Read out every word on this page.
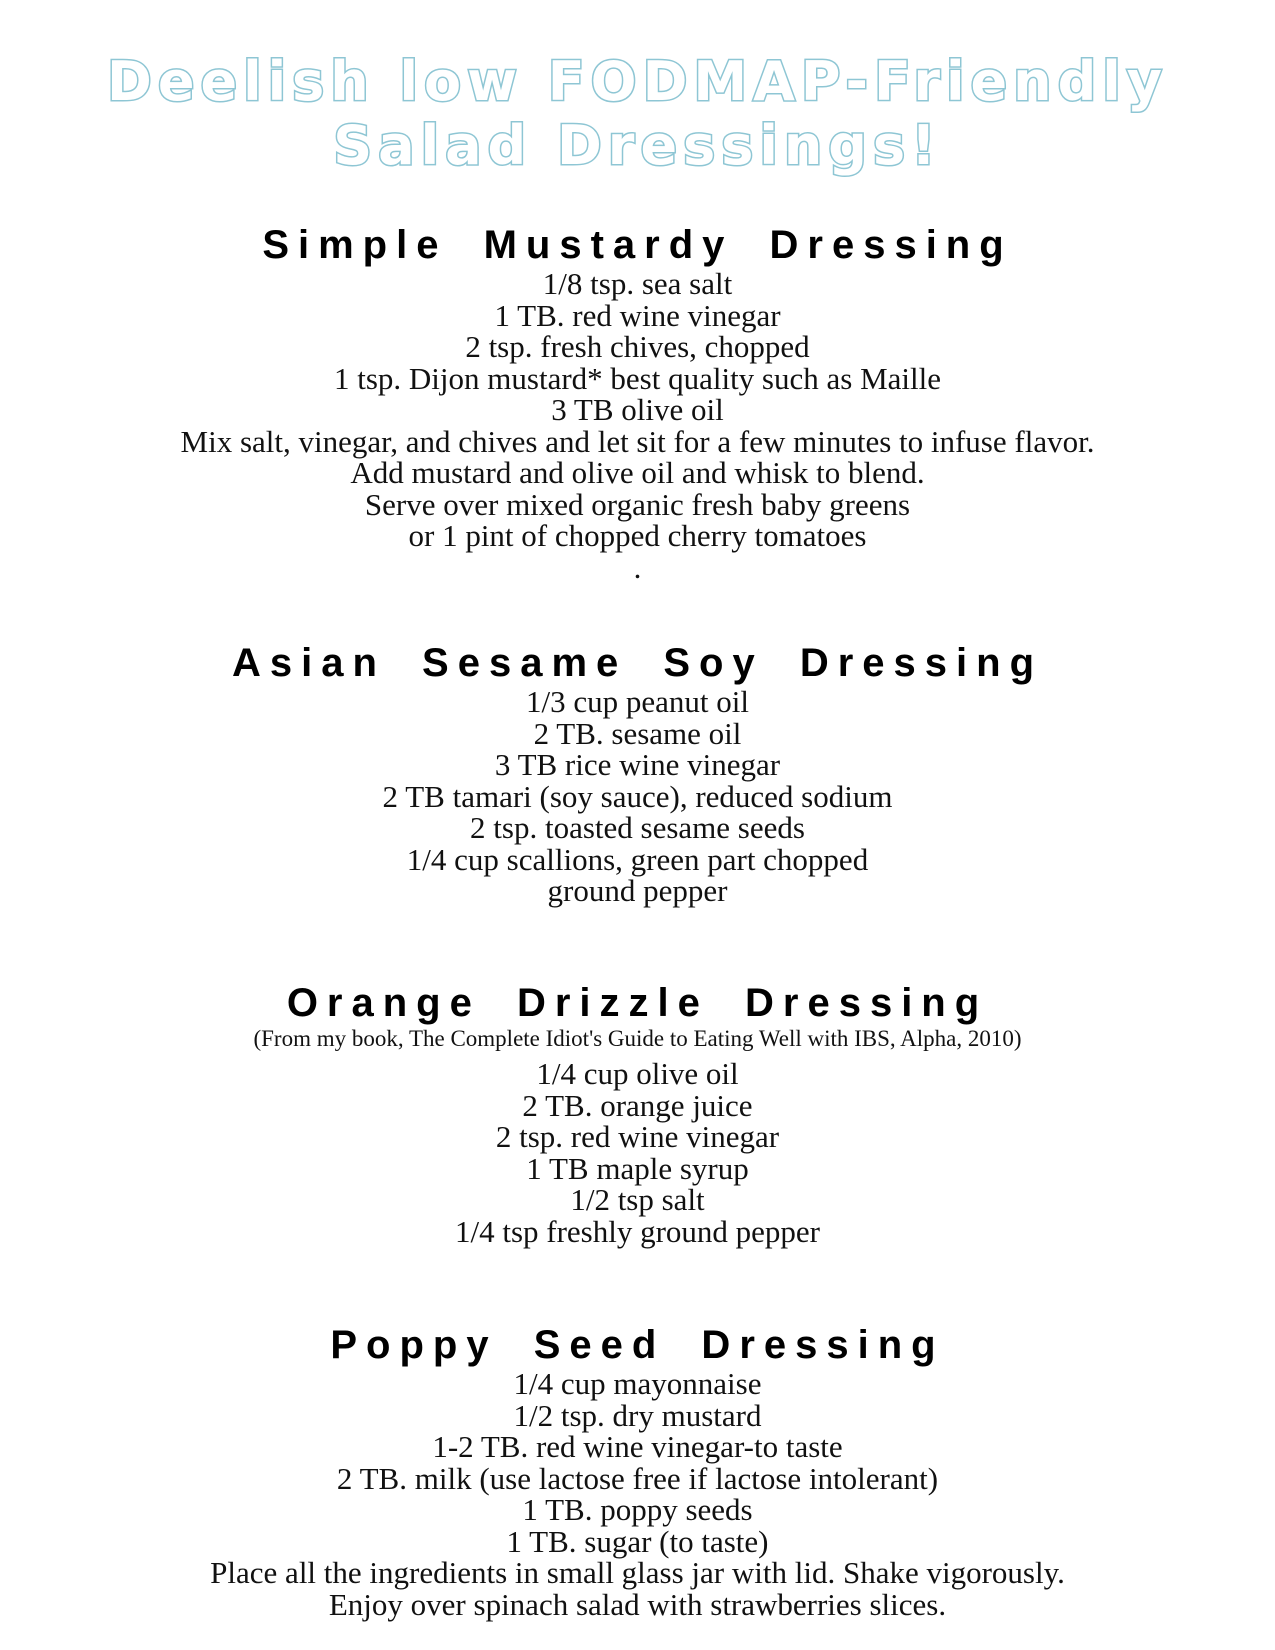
Deelish low FODMAP-Friendly
Salad Dressings!
Simple Mustardy Dressing
1/8 tsp. sea salt
1 TB. red wine vinegar
2 tsp. fresh chives, chopped
1 tsp. Dijon mustard* best quality such as Maille
3 TB olive oil
Mix salt, vinegar, and chives and let sit for a few minutes to infuse flavor.
Add mustard and olive oil and whisk to blend.
Serve over mixed organic fresh baby greens
or 1 pint of chopped cherry tomatoes
.
Asian Sesame Soy Dressing
1/3 cup peanut oil
2 TB. sesame oil
3 TB rice wine vinegar
2 TB tamari (soy sauce), reduced sodium
2 tsp. toasted sesame seeds
1/4 cup scallions, green part chopped
ground pepper
Orange Drizzle Dressing

(From my book, The Complete Idiot's Guide to Eating Well with IBS, Alpha, 2010)

1/4 cup olive oil
2 TB. orange juice
2 tsp. red wine vinegar
1 TB maple syrup
1/2 tsp salt
1/4 tsp freshly ground pepper
Poppy Seed Dressing
1/4 cup mayonnaise
1/2 tsp. dry mustard
1-2 TB. red wine vinegar-to taste
2 TB. milk (use lactose free if lactose intolerant)
1 TB. poppy seeds
1 TB. sugar (to taste)
Place all the ingredients in small glass jar with lid. Shake vigorously.
Enjoy over spinach salad with strawberries slices.
